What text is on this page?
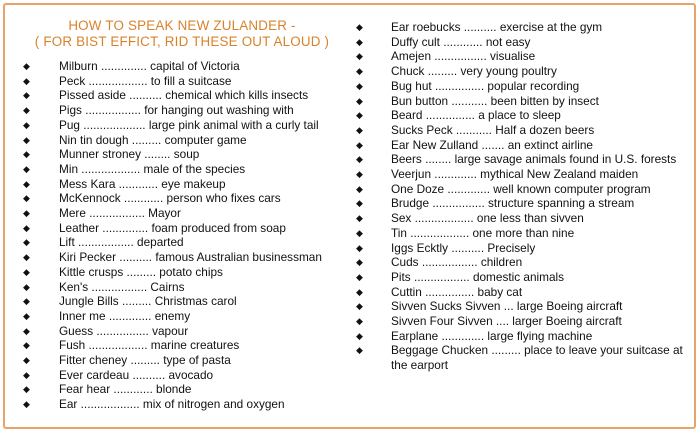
HOW TO SPEAK NEW ZULANDER -

( FOR BIST EFFICT, RID THESE OUT ALOUD )

◆ Milburn .............. capital of Victoria
◆ Peck .................. to fill a suitcase
◆ Pissed aside .......... chemical which kills insects
◆ Pigs ................. for hanging out washing with
◆ Pug ................... large pink animal with a curly tail
◆ Nin tin dough ......... computer game
◆ Munner stroney ........ soup
◆ Min .................. male of the species
◆ Mess Kara ............ eye makeup
◆ McKennock ............ person who fixes cars
◆ Mere ................. Mayor
◆ Leather .............. foam produced from soap
◆ Lift ................. departed
◆ Kiri Pecker .......... famous Australian businessman
◆ Kittle crusps ......... potato chips
◆ Ken's ................. Cairns
◆ Jungle Bills ......... Christmas carol
◆ Inner me ............. enemy
◆ Guess ................ vapour
◆ Fush .................. marine creatures
◆ Fitter cheney ......... type of pasta
◆ Ever cardeau .......... avocado
◆ Fear hear ............ blonde
◆ Ear .................. mix of nitrogen and oxygen
◆ Ear roebucks .......... exercise at the gym
◆ Duffy cult ............ not easy
◆ Amejen ................ visualise
◆ Chuck ......... very young poultry
◆ Bug hut ............... popular recording
◆ Bun button ........... been bitten by insect
◆ Beard ............... a place to sleep
◆ Sucks Peck ........... Half a dozen beers
◆ Ear New Zulland ....... an extinct airline
◆ Beers ........ large savage animals found in U.S. forests
◆ Veerjun ............. mythical New Zealand maiden
◆ One Doze ............. well known computer program
◆ Brudge ................ structure spanning a stream
◆ Sex .................. one less than sivven
◆ Tin .................. one more than nine
◆ Iggs Ecktly .......... Precisely
◆ Cuds ................. children
◆ Pits ................. domestic animals
◆ Cuttin ............... baby cat
◆ Sivven Sucks Sivven ... large Boeing aircraft
◆ Sivven Four Sivven .... larger Boeing aircraft
◆ Earplane ............. large flying machine
◆ Beggage Chucken ......... place to leave your suitcase at the earport
